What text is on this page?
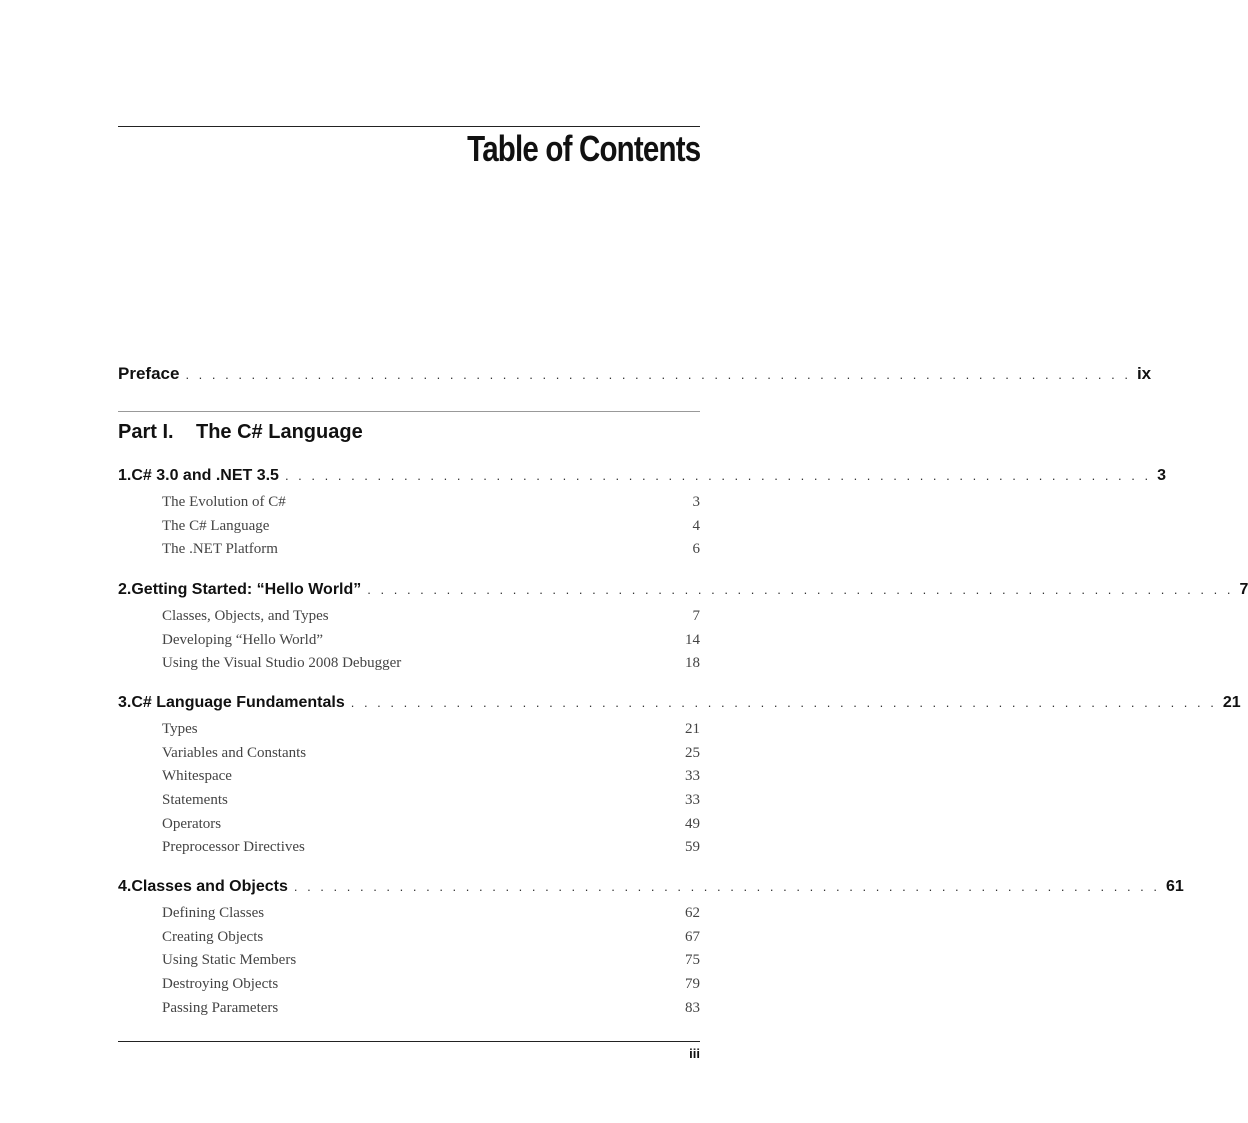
Table of Contents
Preface . . . . . . . . . . . . . . . . . . . . . . . . . . . . . . . . . . . . . . . . . . . . . . . . . . . . . . . . . . . . . . . . . . . . . . . . ix
Part I. The C# Language
1. C# 3.0 and .NET 3.5 . . . . . . . . . . . . . . . . . . . . . . . . . . . . . . . . . . . . . . . . . . . . . . . . . . . . . . . . . . . . . . . . . . 3
The Evolution of C#	3
The C# Language	4
The .NET Platform	6
2. Getting Started: “Hello World” . . . . . . . . . . . . . . . . . . . . . . . . . . . . . . . . . . . . . . . . . . . . . . . . . . . . . . . . . . . . . . . . . . 7
Classes, Objects, and Types	7
Developing “Hello World”	14
Using the Visual Studio 2008 Debugger	18
3. C# Language Fundamentals . . . . . . . . . . . . . . . . . . . . . . . . . . . . . . . . . . . . . . . . . . . . . . . . . . . . . . . . . . . . . . . . . . 21
Types	21
Variables and Constants	25
Whitespace	33
Statements	33
Operators	49
Preprocessor Directives	59
4. Classes and Objects . . . . . . . . . . . . . . . . . . . . . . . . . . . . . . . . . . . . . . . . . . . . . . . . . . . . . . . . . . . . . . . . . . 61
Defining Classes	62
Creating Objects	67
Using Static Members	75
Destroying Objects	79
Passing Parameters	83
iii
